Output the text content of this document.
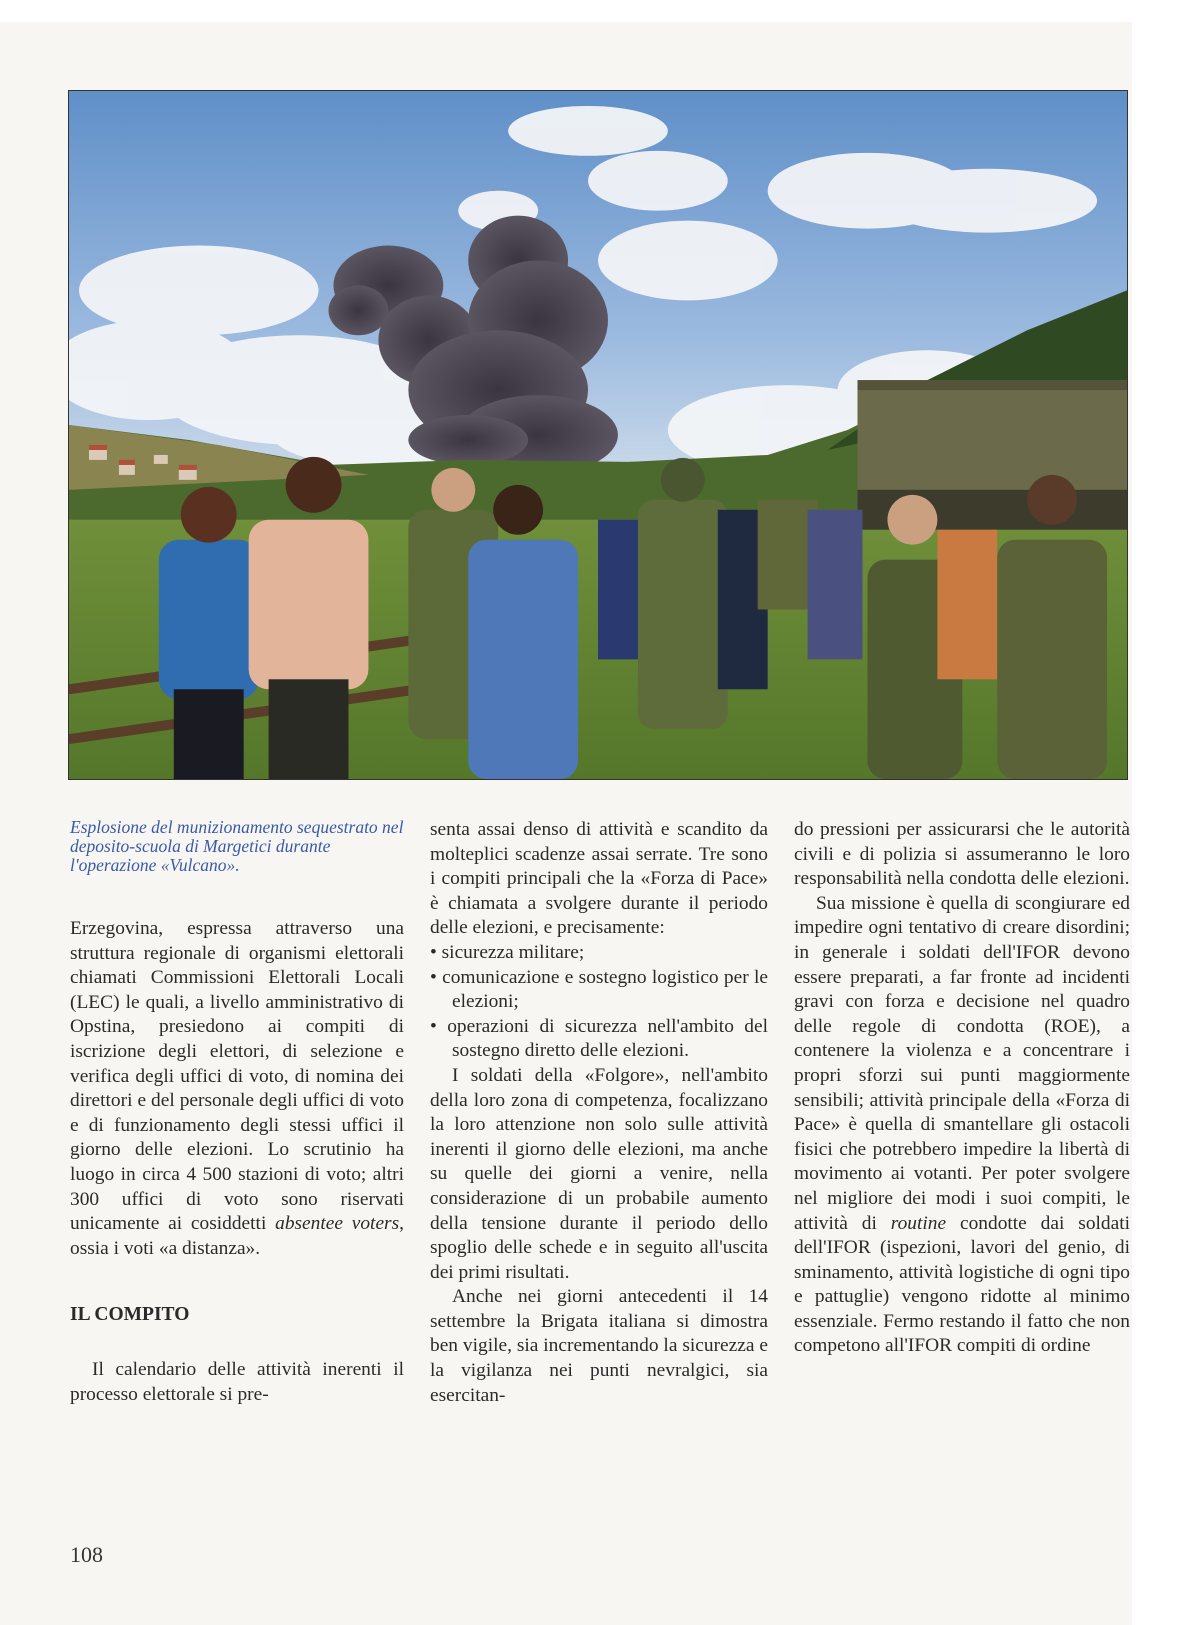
Esplosione del munizionamento sequestrato nel deposito-scuola di Margetici durante l'operazione «Vulcano».

Erzegovina, espressa attraverso una struttura regionale di organismi elettorali chiamati Commissioni Elettorali Locali (LEC) le quali, a livello amministrativo di Opstina, presiedono ai compiti di iscrizione degli elettori, di selezione e verifica degli uffici di voto, di nomina dei direttori e del personale degli uffici di voto e di funzionamento degli stessi uffici il giorno delle elezioni. Lo scrutinio ha luogo in circa 4 500 stazioni di voto; altri 300 uffici di voto sono riservati unicamente ai cosiddetti absentee voters, ossia i voti «a distanza».

IL COMPITO

Il calendario delle attività inerenti il processo elettorale si pre-

senta assai denso di attività e scandito da molteplici scadenze assai serrate. Tre sono i compiti principali che la «Forza di Pace» è chiamata a svolgere durante il periodo delle elezioni, e precisamente:

• sicurezza militare;

• comunicazione e sostegno logistico per le elezioni;

• operazioni di sicurezza nell'ambito del sostegno diretto delle elezioni.

I soldati della «Folgore», nell'ambito della loro zona di competenza, focalizzano la loro attenzione non solo sulle attività inerenti il giorno delle elezioni, ma anche su quelle dei giorni a venire, nella considerazione di un probabile aumento della tensione durante il periodo dello spoglio delle schede e in seguito all'uscita dei primi risultati.

Anche nei giorni antecedenti il 14 settembre la Brigata italiana si dimostra ben vigile, sia incrementando la sicurezza e la vigilanza nei punti nevralgici, sia esercitan-

do pressioni per assicurarsi che le autorità civili e di polizia si assumeranno le loro responsabilità nella condotta delle elezioni.

Sua missione è quella di scongiurare ed impedire ogni tentativo di creare disordini; in generale i soldati dell'IFOR devono essere preparati, a far fronte ad incidenti gravi con forza e decisione nel quadro delle regole di condotta (ROE), a contenere la violenza e a concentrare i propri sforzi sui punti maggiormente sensibili; attività principale della «Forza di Pace» è quella di smantellare gli ostacoli fisici che potrebbero impedire la libertà di movimento ai votanti. Per poter svolgere nel migliore dei modi i suoi compiti, le attività di routine condotte dai soldati dell'IFOR (ispezioni, lavori del genio, di sminamento, attività logistiche di ogni tipo e pattuglie) vengono ridotte al minimo essenziale. Fermo restando il fatto che non competono all'IFOR compiti di ordine

108
